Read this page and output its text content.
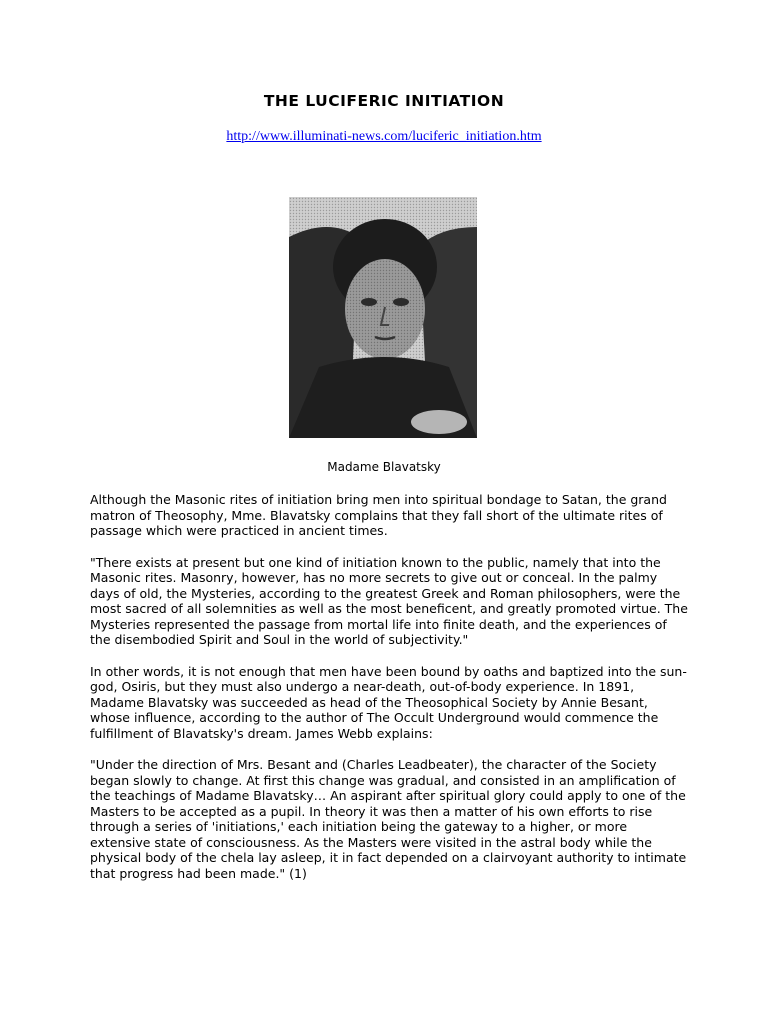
THE LUCIFERIC INITIATION
http://www.illuminati-news.com/luciferic_initiation.htm
Madame Blavatsky

Although the Masonic rites of initiation bring men into spiritual bondage to Satan, the grand matron of Theosophy, Mme. Blavatsky complains that they fall short of the ultimate rites of passage which were practiced in ancient times.

"There exists at present but one kind of initiation known to the public, namely that into the Masonic rites. Masonry, however, has no more secrets to give out or conceal. In the palmy days of old, the Mysteries, according to the greatest Greek and Roman philosophers, were the most sacred of all solemnities as well as the most beneficent, and greatly promoted virtue. The Mysteries represented the passage from mortal life into finite death, and the experiences of the disembodied Spirit and Soul in the world of subjectivity."

In other words, it is not enough that men have been bound by oaths and baptized into the sun-god, Osiris, but they must also undergo a near-death, out-of-body experience. In 1891, Madame Blavatsky was succeeded as head of the Theosophical Society by Annie Besant, whose influence, according to the author of The Occult Underground would commence the fulfillment of Blavatsky's dream. James Webb explains:

"Under the direction of Mrs. Besant and (Charles Leadbeater), the character of the Society began slowly to change. At first this change was gradual, and consisted in an amplification of the teachings of Madame Blavatsky… An aspirant after spiritual glory could apply to one of the Masters to be accepted as a pupil. In theory it was then a matter of his own efforts to rise through a series of 'initiations,' each initiation being the gateway to a higher, or more extensive state of consciousness. As the Masters were visited in the astral body while the physical body of the chela lay asleep, it in fact depended on a clairvoyant authority to intimate that progress had been made." (1)
